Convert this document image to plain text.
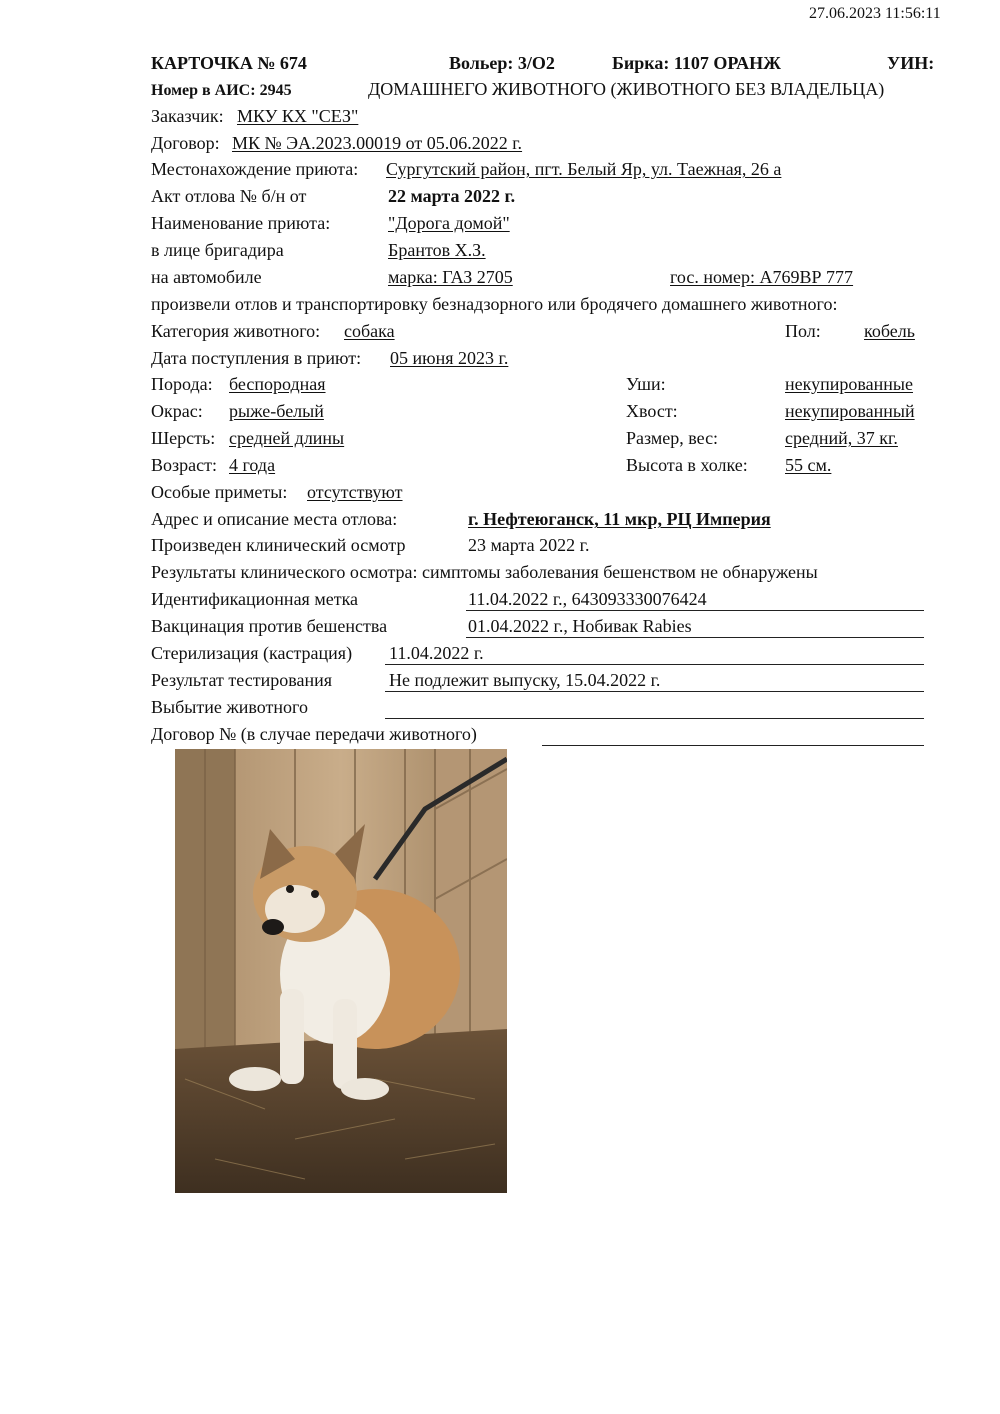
27.06.2023 11:56:11
КАРТОЧКА № 674	Вольер: 3/О2	Бирка: 1107 ОРАНЖ	УИН:
Номер в АИС: 2945	ДОМАШНЕГО ЖИВОТНОГО (ЖИВОТНОГО БЕЗ ВЛАДЕЛЬЦА)
Заказчик: МКУ КХ "СЕЗ"
Договор: МК № ЭА.2023.00019 от 05.06.2022 г.
Местонахождение приюта: Сургутский район, пгт. Белый Яр, ул. Таежная, 26 а
Акт отлова № б/н от	22 марта 2022 г.
Наименование приюта:	"Дорога домой"
в лице бригадира	Брантов Х.З.
на автомобиле	марка: ГАЗ 2705	гос. номер: А769ВР 777
произвели отлов и транспортировку безнадзорного или бродячего домашнего животного:
Категория животного: собака	Пол: кобель
Дата поступления в приют: 05 июня 2023 г.
Порода: беспородная	Уши:	некупированные
Окрас: рыже-белый	Хвост:	некупированный
Шерсть: средней длины	Размер, вес:	средний, 37 кг.
Возраст: 4 года	Высота в холке: 55 см.
Особые приметы: отсутствуют
Адрес и описание места отлова:	г. Нефтеюганск, 11 мкр, РЦ Империя
Произведен клинический осмотр	23 марта 2022 г.
Результаты клинического осмотра: симптомы заболевания бешенством не обнаружены
Идентификационная метка	11.04.2022 г., 643093330076424
Вакцинация против бешенства	01.04.2022 г., Нобивак Rabies
Стерилизация (кастрация) 11.04.2022 г.
Результат тестирования	Не подлежит выпуску, 15.04.2022 г.
Выбытие животного
Договор № (в случае передачи животного)
